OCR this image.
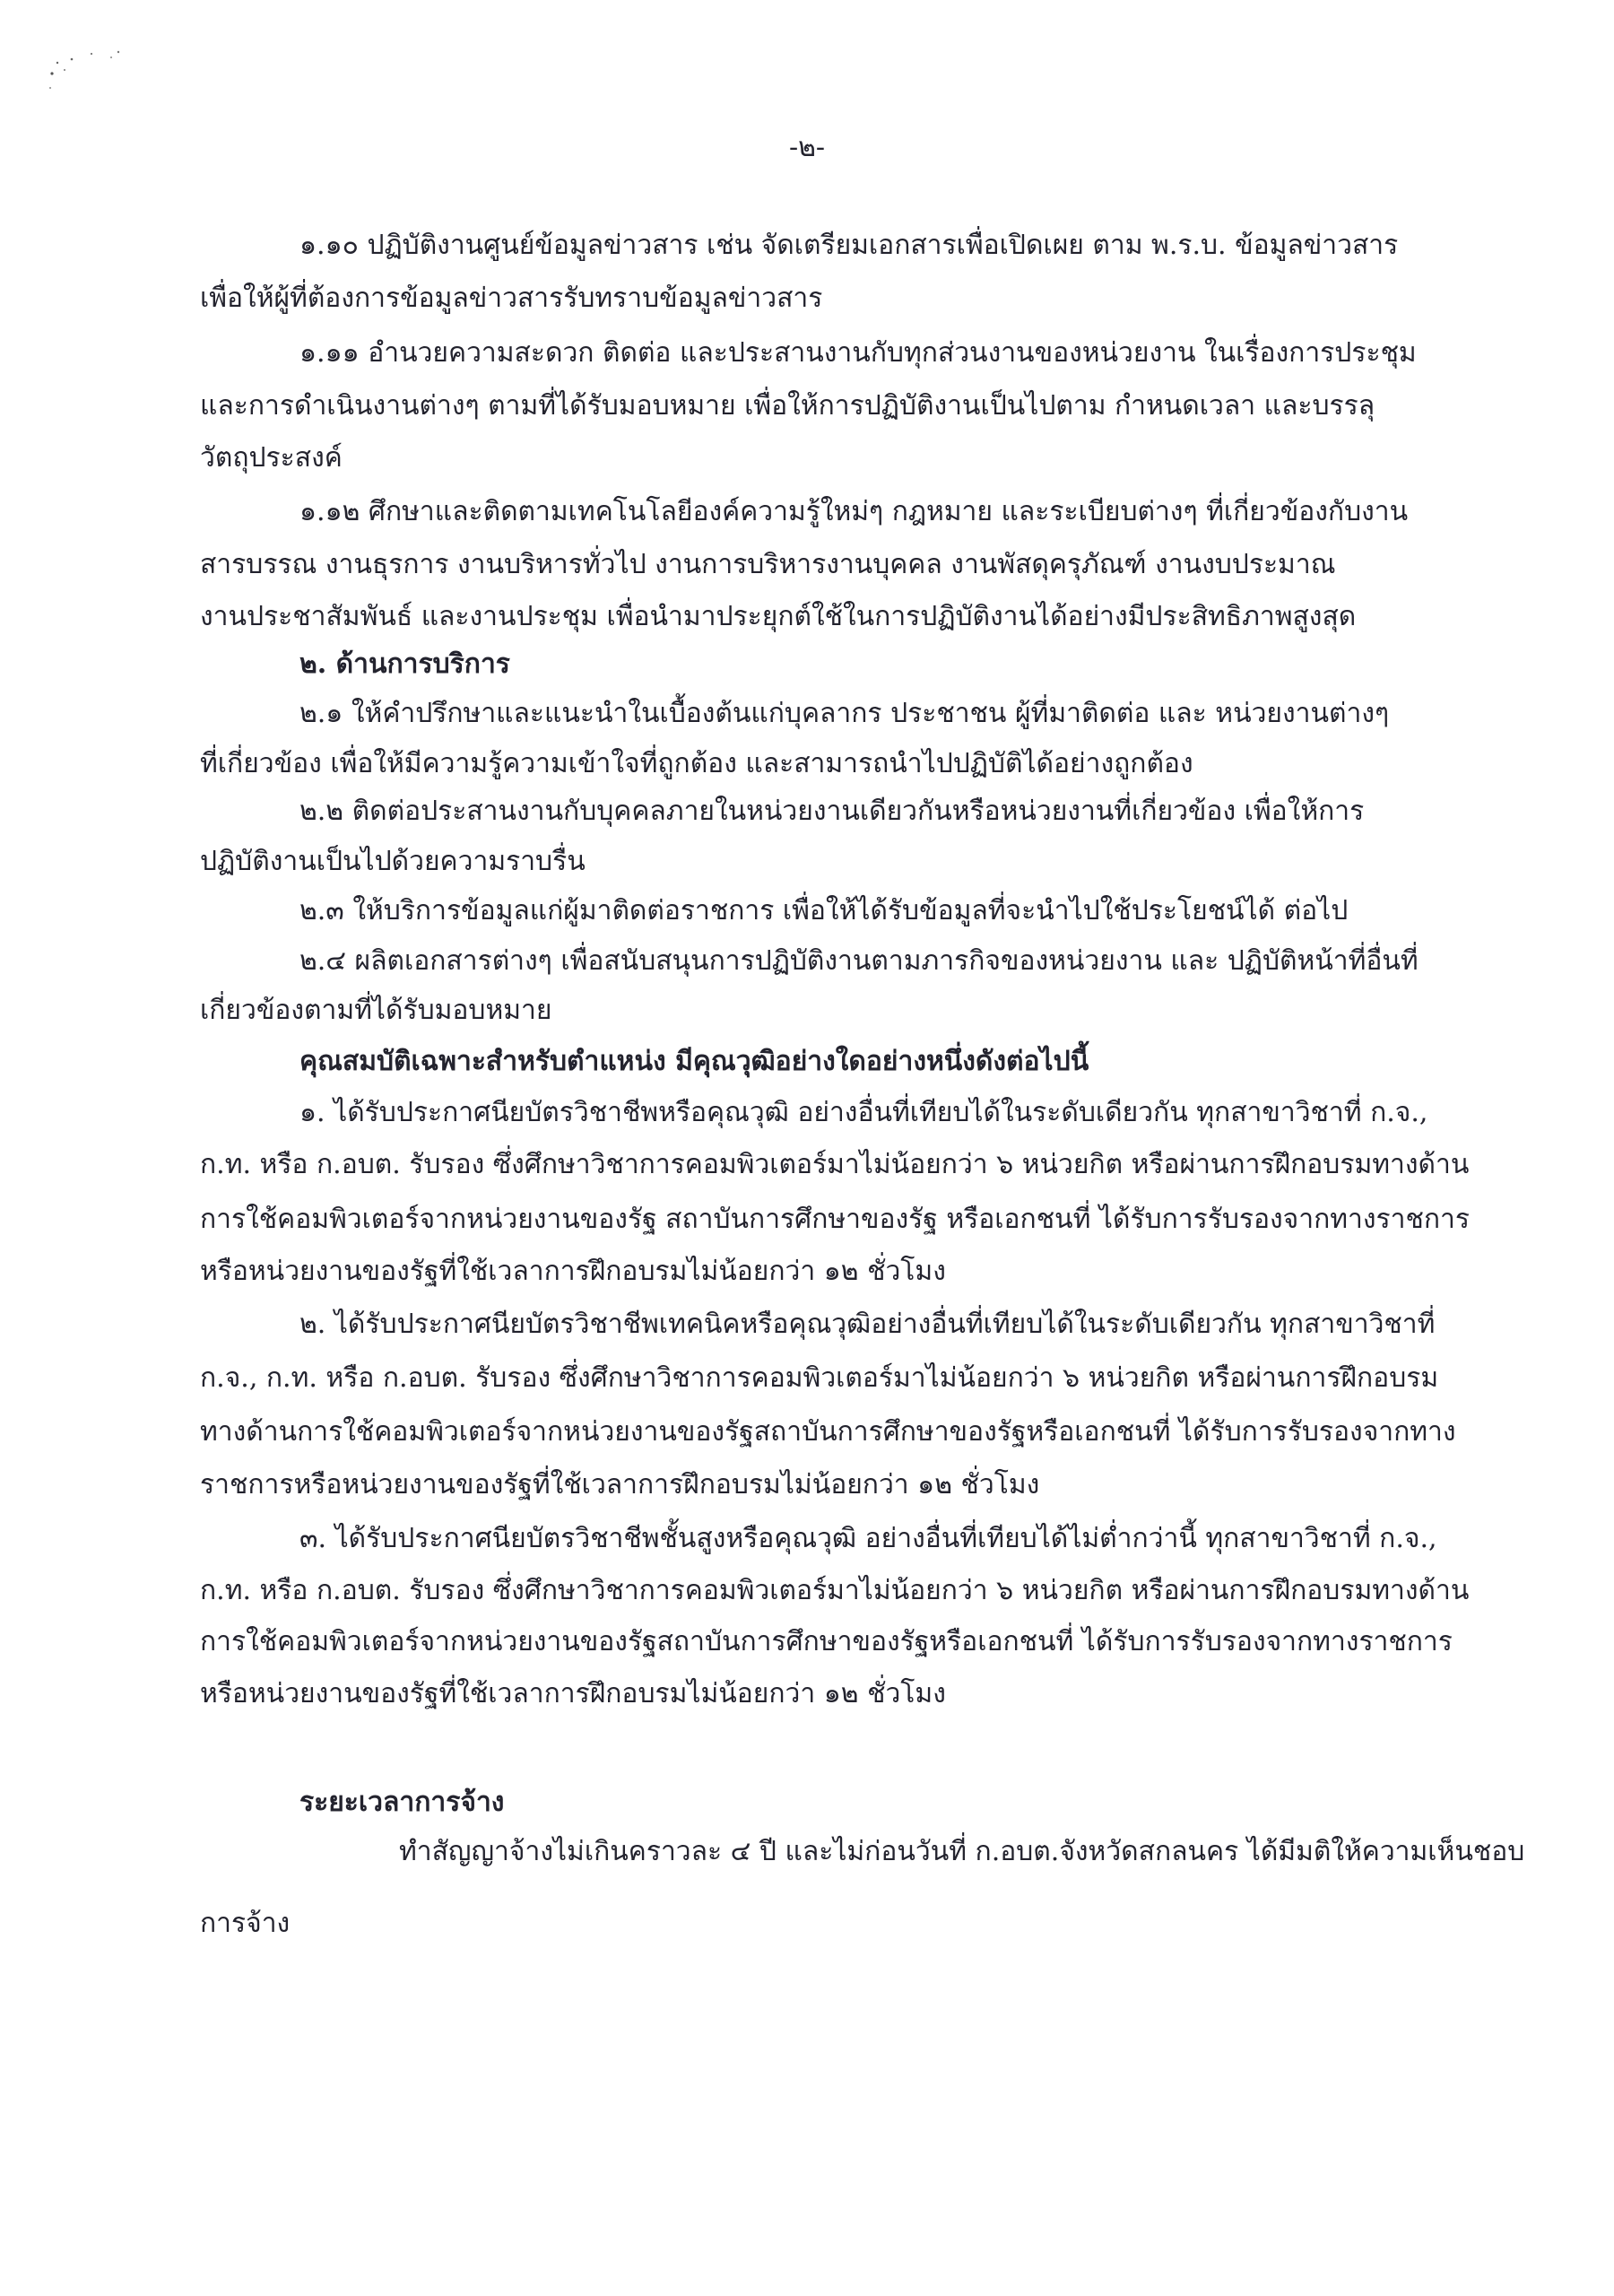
-๒-

๑.๑๐ ปฏิบัติงานศูนย์ข้อมูลข่าวสาร เช่น จัดเตรียมเอกสารเพื่อเปิดเผย ตาม พ.ร.บ. ข้อมูลข่าวสาร

เพื่อให้ผู้ที่ต้องการข้อมูลข่าวสารรับทราบข้อมูลข่าวสาร

๑.๑๑ อำนวยความสะดวก ติดต่อ และประสานงานกับทุกส่วนงานของหน่วยงาน ในเรื่องการประชุม

และการดำเนินงานต่างๆ ตามที่ได้รับมอบหมาย เพื่อให้การปฏิบัติงานเป็นไปตาม กำหนดเวลา และบรรลุ

วัตถุประสงค์

๑.๑๒ ศึกษาและติดตามเทคโนโลยีองค์ความรู้ใหม่ๆ กฎหมาย และระเบียบต่างๆ ที่เกี่ยวข้องกับงาน

สารบรรณ งานธุรการ งานบริหารทั่วไป งานการบริหารงานบุคคล งานพัสดุครุภัณฑ์ งานงบประมาณ

งานประชาสัมพันธ์ และงานประชุม เพื่อนำมาประยุกต์ใช้ในการปฏิบัติงานได้อย่างมีประสิทธิภาพสูงสุด

๒. ด้านการบริการ

๒.๑ ให้คำปรึกษาและแนะนำในเบื้องต้นแก่บุคลากร ประชาชน ผู้ที่มาติดต่อ และ หน่วยงานต่างๆ

ที่เกี่ยวข้อง เพื่อให้มีความรู้ความเข้าใจที่ถูกต้อง และสามารถนำไปปฏิบัติได้อย่างถูกต้อง

๒.๒ ติดต่อประสานงานกับบุคคลภายในหน่วยงานเดียวกันหรือหน่วยงานที่เกี่ยวข้อง เพื่อให้การ

ปฏิบัติงานเป็นไปด้วยความราบรื่น

๒.๓ ให้บริการข้อมูลแก่ผู้มาติดต่อราชการ เพื่อให้ได้รับข้อมูลที่จะนำไปใช้ประโยชน์ได้ ต่อไป

๒.๔ ผลิตเอกสารต่างๆ เพื่อสนับสนุนการปฏิบัติงานตามภารกิจของหน่วยงาน และ ปฏิบัติหน้าที่อื่นที่

เกี่ยวข้องตามที่ได้รับมอบหมาย

คุณสมบัติเฉพาะสำหรับตำแหน่ง มีคุณวุฒิอย่างใดอย่างหนึ่งดังต่อไปนี้

๑. ได้รับประกาศนียบัตรวิชาชีพหรือคุณวุฒิ อย่างอื่นที่เทียบได้ในระดับเดียวกัน ทุกสาขาวิชาที่ ก.จ.,

ก.ท. หรือ ก.อบต. รับรอง ซึ่งศึกษาวิชาการคอมพิวเตอร์มาไม่น้อยกว่า ๖ หน่วยกิต หรือผ่านการฝึกอบรมทางด้าน

การใช้คอมพิวเตอร์จากหน่วยงานของรัฐ สถาบันการศึกษาของรัฐ หรือเอกชนที่ ได้รับการรับรองจากทางราชการ

หรือหน่วยงานของรัฐที่ใช้เวลาการฝึกอบรมไม่น้อยกว่า ๑๒ ชั่วโมง

๒. ได้รับประกาศนียบัตรวิชาชีพเทคนิคหรือคุณวุฒิอย่างอื่นที่เทียบได้ในระดับเดียวกัน ทุกสาขาวิชาที่

ก.จ., ก.ท. หรือ ก.อบต. รับรอง ซึ่งศึกษาวิชาการคอมพิวเตอร์มาไม่น้อยกว่า ๖ หน่วยกิต หรือผ่านการฝึกอบรม

ทางด้านการใช้คอมพิวเตอร์จากหน่วยงานของรัฐสถาบันการศึกษาของรัฐหรือเอกชนที่ ได้รับการรับรองจากทาง

ราชการหรือหน่วยงานของรัฐที่ใช้เวลาการฝึกอบรมไม่น้อยกว่า ๑๒ ชั่วโมง

๓. ได้รับประกาศนียบัตรวิชาชีพชั้นสูงหรือคุณวุฒิ อย่างอื่นที่เทียบได้ไม่ต่ำกว่านี้ ทุกสาขาวิชาที่ ก.จ.,

ก.ท. หรือ ก.อบต. รับรอง ซึ่งศึกษาวิชาการคอมพิวเตอร์มาไม่น้อยกว่า ๖ หน่วยกิต หรือผ่านการฝึกอบรมทางด้าน

การใช้คอมพิวเตอร์จากหน่วยงานของรัฐสถาบันการศึกษาของรัฐหรือเอกชนที่ ได้รับการรับรองจากทางราชการ

หรือหน่วยงานของรัฐที่ใช้เวลาการฝึกอบรมไม่น้อยกว่า ๑๒ ชั่วโมง

ระยะเวลาการจ้าง

ทำสัญญาจ้างไม่เกินคราวละ ๔ ปี และไม่ก่อนวันที่ ก.อบต.จังหวัดสกลนคร ได้มีมติให้ความเห็นชอบ

การจ้าง
